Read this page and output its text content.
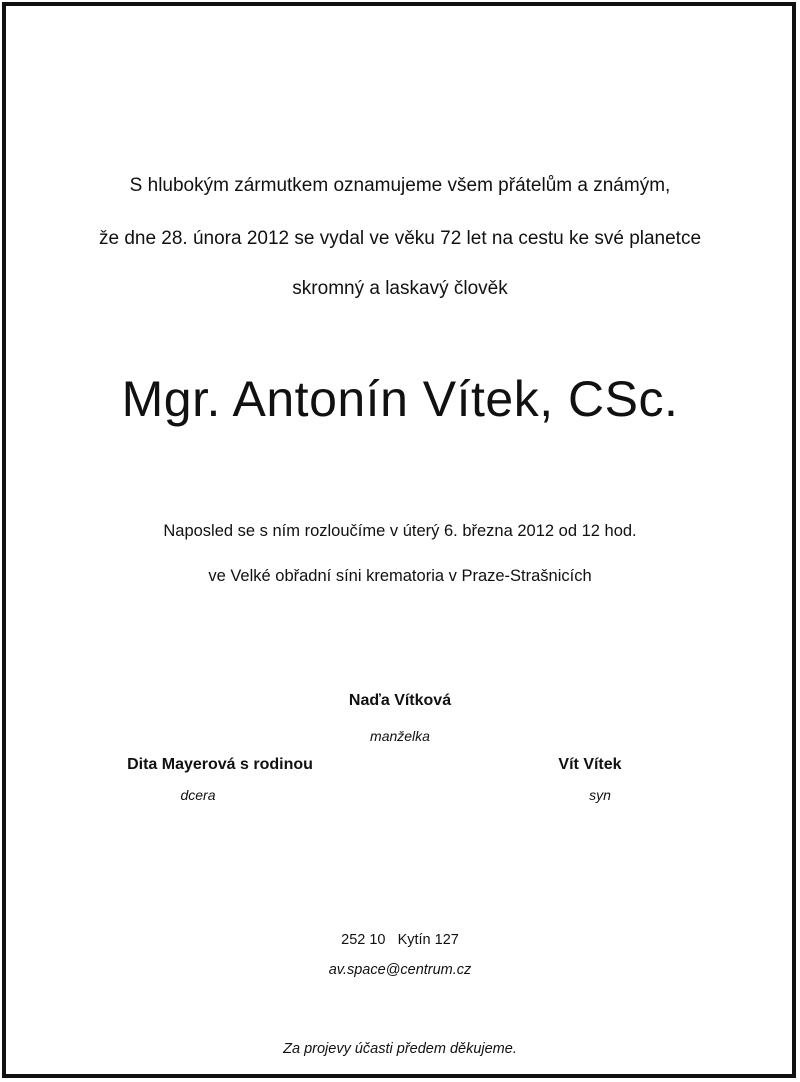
S hlubokým zármutkem oznamujeme všem přátelům a známým,
že dne 28. února 2012 se vydal ve věku 72 let na cestu ke své planetce
skromný a laskavý člověk
Mgr. Antonín Vítek, CSc.
Naposled se s ním rozloučíme v úterý 6. března 2012 od 12 hod.
ve Velké obřadní síni krematoria v Praze-Strašnicích
Naďa Vítková
manželka
Dita Mayerová s rodinou
dcera
Vít Vítek
syn
252 10   Kytín 127
av.space@centrum.cz
Za projevy účasti předem děkujeme.
